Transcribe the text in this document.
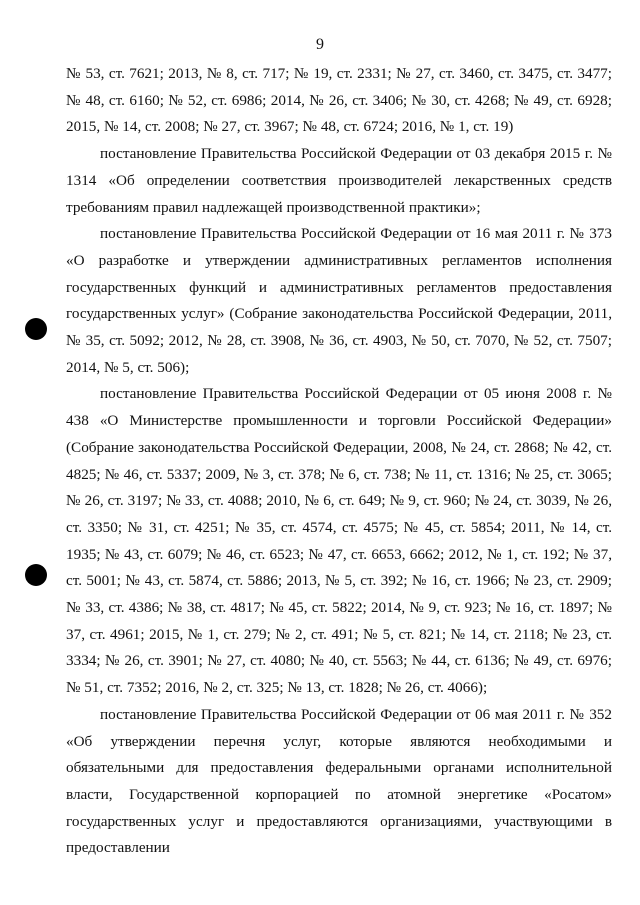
9

№ 53, ст. 7621; 2013, № 8, ст. 717; № 19, ст. 2331; № 27, ст. 3460, ст. 3475, ст. 3477; № 48, ст. 6160; № 52, ст. 6986; 2014, № 26, ст. 3406; № 30, ст. 4268; № 49, ст. 6928; 2015, № 14, ст. 2008; № 27, ст. 3967; № 48, ст. 6724; 2016, № 1, ст. 19)

постановление Правительства Российской Федерации от 03 декабря 2015 г. № 1314 «Об определении соответствия производителей лекарственных средств требованиям правил надлежащей производственной практики»;

постановление Правительства Российской Федерации от 16 мая 2011 г. № 373 «О разработке и утверждении административных регламентов исполнения государственных функций и административных регламентов предоставления государственных услуг» (Собрание законодательства Российской Федерации, 2011, № 35, ст. 5092; 2012, № 28, ст. 3908, № 36, ст. 4903, № 50, ст. 7070, № 52, ст. 7507; 2014, № 5, ст. 506);

постановление Правительства Российской Федерации от 05 июня 2008 г. № 438 «О Министерстве промышленности и торговли Российской Федерации» (Собрание законодательства Российской Федерации, 2008, № 24, ст. 2868; № 42, ст. 4825; № 46, ст. 5337; 2009, № 3, ст. 378; № 6, ст. 738; № 11, ст. 1316; № 25, ст. 3065; № 26, ст. 3197; № 33, ст. 4088; 2010, № 6, ст. 649; № 9, ст. 960; № 24, ст. 3039, № 26, ст. 3350; № 31, ст. 4251; № 35, ст. 4574, ст. 4575; № 45, ст. 5854; 2011, № 14, ст. 1935; № 43, ст. 6079; № 46, ст. 6523; № 47, ст. 6653, 6662; 2012, № 1, ст. 192; № 37, ст. 5001; № 43, ст. 5874, ст. 5886; 2013, № 5, ст. 392; № 16, ст. 1966; № 23, ст. 2909; № 33, ст. 4386; № 38, ст. 4817; № 45, ст. 5822; 2014, № 9, ст. 923; № 16, ст. 1897; № 37, ст. 4961; 2015, № 1, ст. 279; № 2, ст. 491; № 5, ст. 821; № 14, ст. 2118; № 23, ст. 3334; № 26, ст. 3901; № 27, ст. 4080; № 40, ст. 5563; № 44, ст. 6136; № 49, ст. 6976; № 51, ст. 7352; 2016, № 2, ст. 325; № 13, ст. 1828; № 26, ст. 4066);

постановление Правительства Российской Федерации от 06 мая 2011 г. № 352 «Об утверждении перечня услуг, которые являются необходимыми и обязательными для предоставления федеральными органами исполнительной власти, Государственной корпорацией по атомной энергетике «Росатом» государственных услуг и предоставляются организациями, участвующими в предоставлении
